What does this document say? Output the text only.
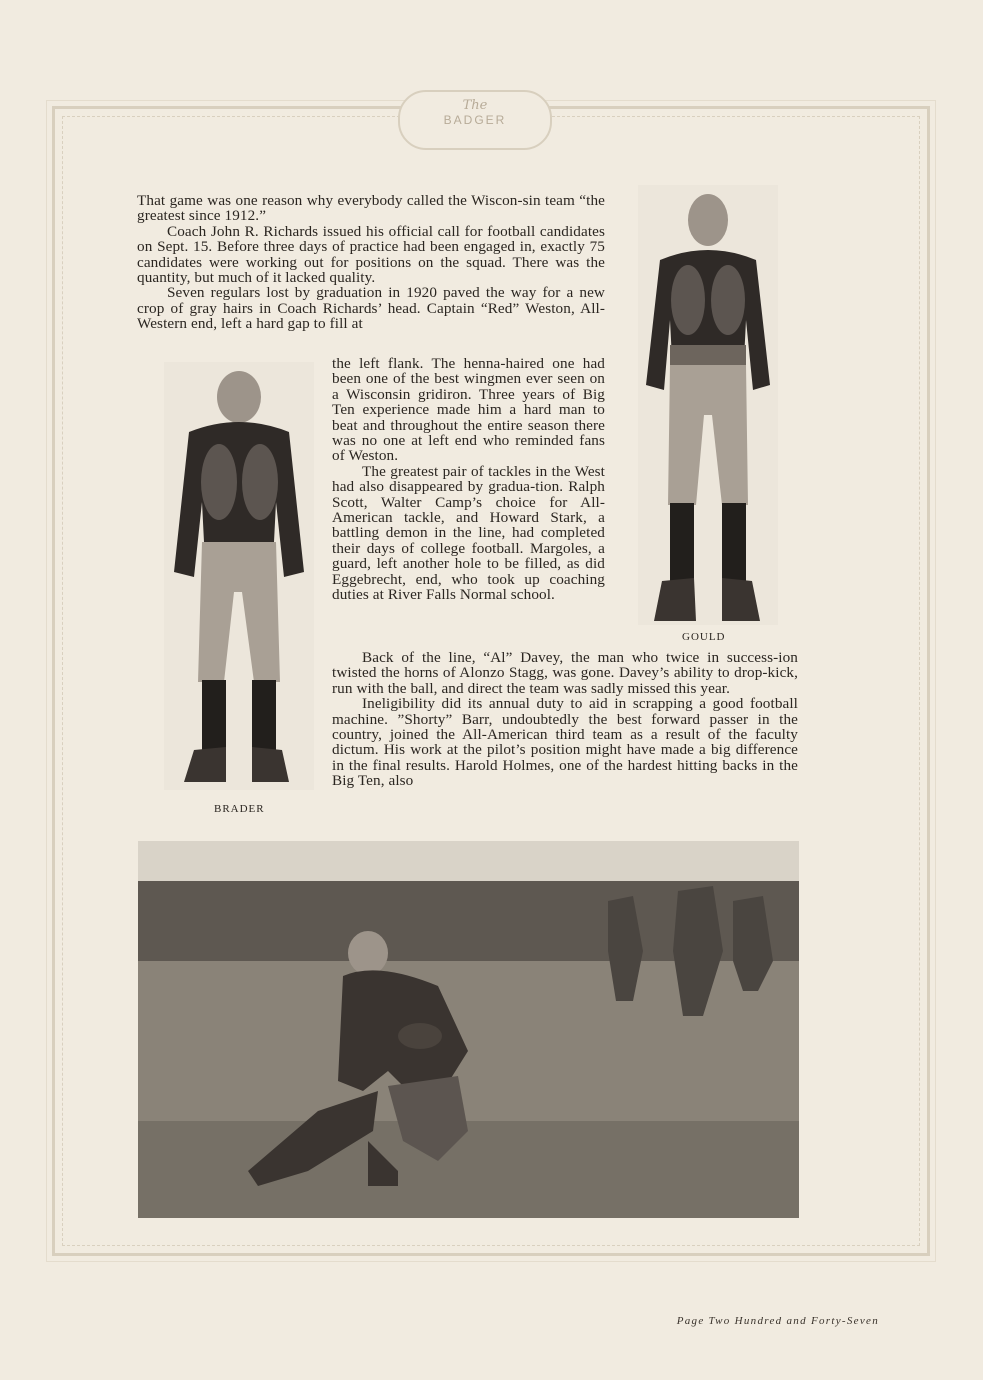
The
BADGER

That game was one reason why everybody called the Wiscon-sin team “the greatest since 1912.”

Coach John R. Richards issued his official call for football candidates on Sept. 15. Before three days of practice had been engaged in, exactly 75 candidates were working out for positions on the squad. There was the quantity, but much of it lacked quality.

Seven regulars lost by graduation in 1920 paved the way for a new crop of gray hairs in Coach Richards’ head. Captain “Red” Weston, All-Western end, left a hard gap to fill at

the left flank. The henna-haired one had been one of the best wingmen ever seen on a Wisconsin gridiron. Three years of Big Ten experience made him a hard man to beat and throughout the entire season there was no one at left end who reminded fans of Weston.

The greatest pair of tackles in the West had also disappeared by gradua-tion. Ralph Scott, Walter Camp’s choice for All-American tackle, and Howard Stark, a battling demon in the line, had completed their days of college football. Margoles, a guard, left another hole to be filled, as did Eggebrecht, end, who took up coaching duties at River Falls Normal school.

Back of the line, “Al” Davey, the man who twice in success-ion twisted the horns of Alonzo Stagg, was gone. Davey’s ability to drop-kick, run with the ball, and direct the team was sadly missed this year.

Ineligibility did its annual duty to aid in scrapping a good football machine. ”Shorty” Barr, undoubtedly the best forward passer in the country, joined the All-American third team as a result of the faculty dictum. His work at the pilot’s position might have made a big difference in the final results. Harold Holmes, one of the hardest hitting backs in the Big Ten, also

BRADER
GOULD
Page Two Hundred and Forty-Seven
